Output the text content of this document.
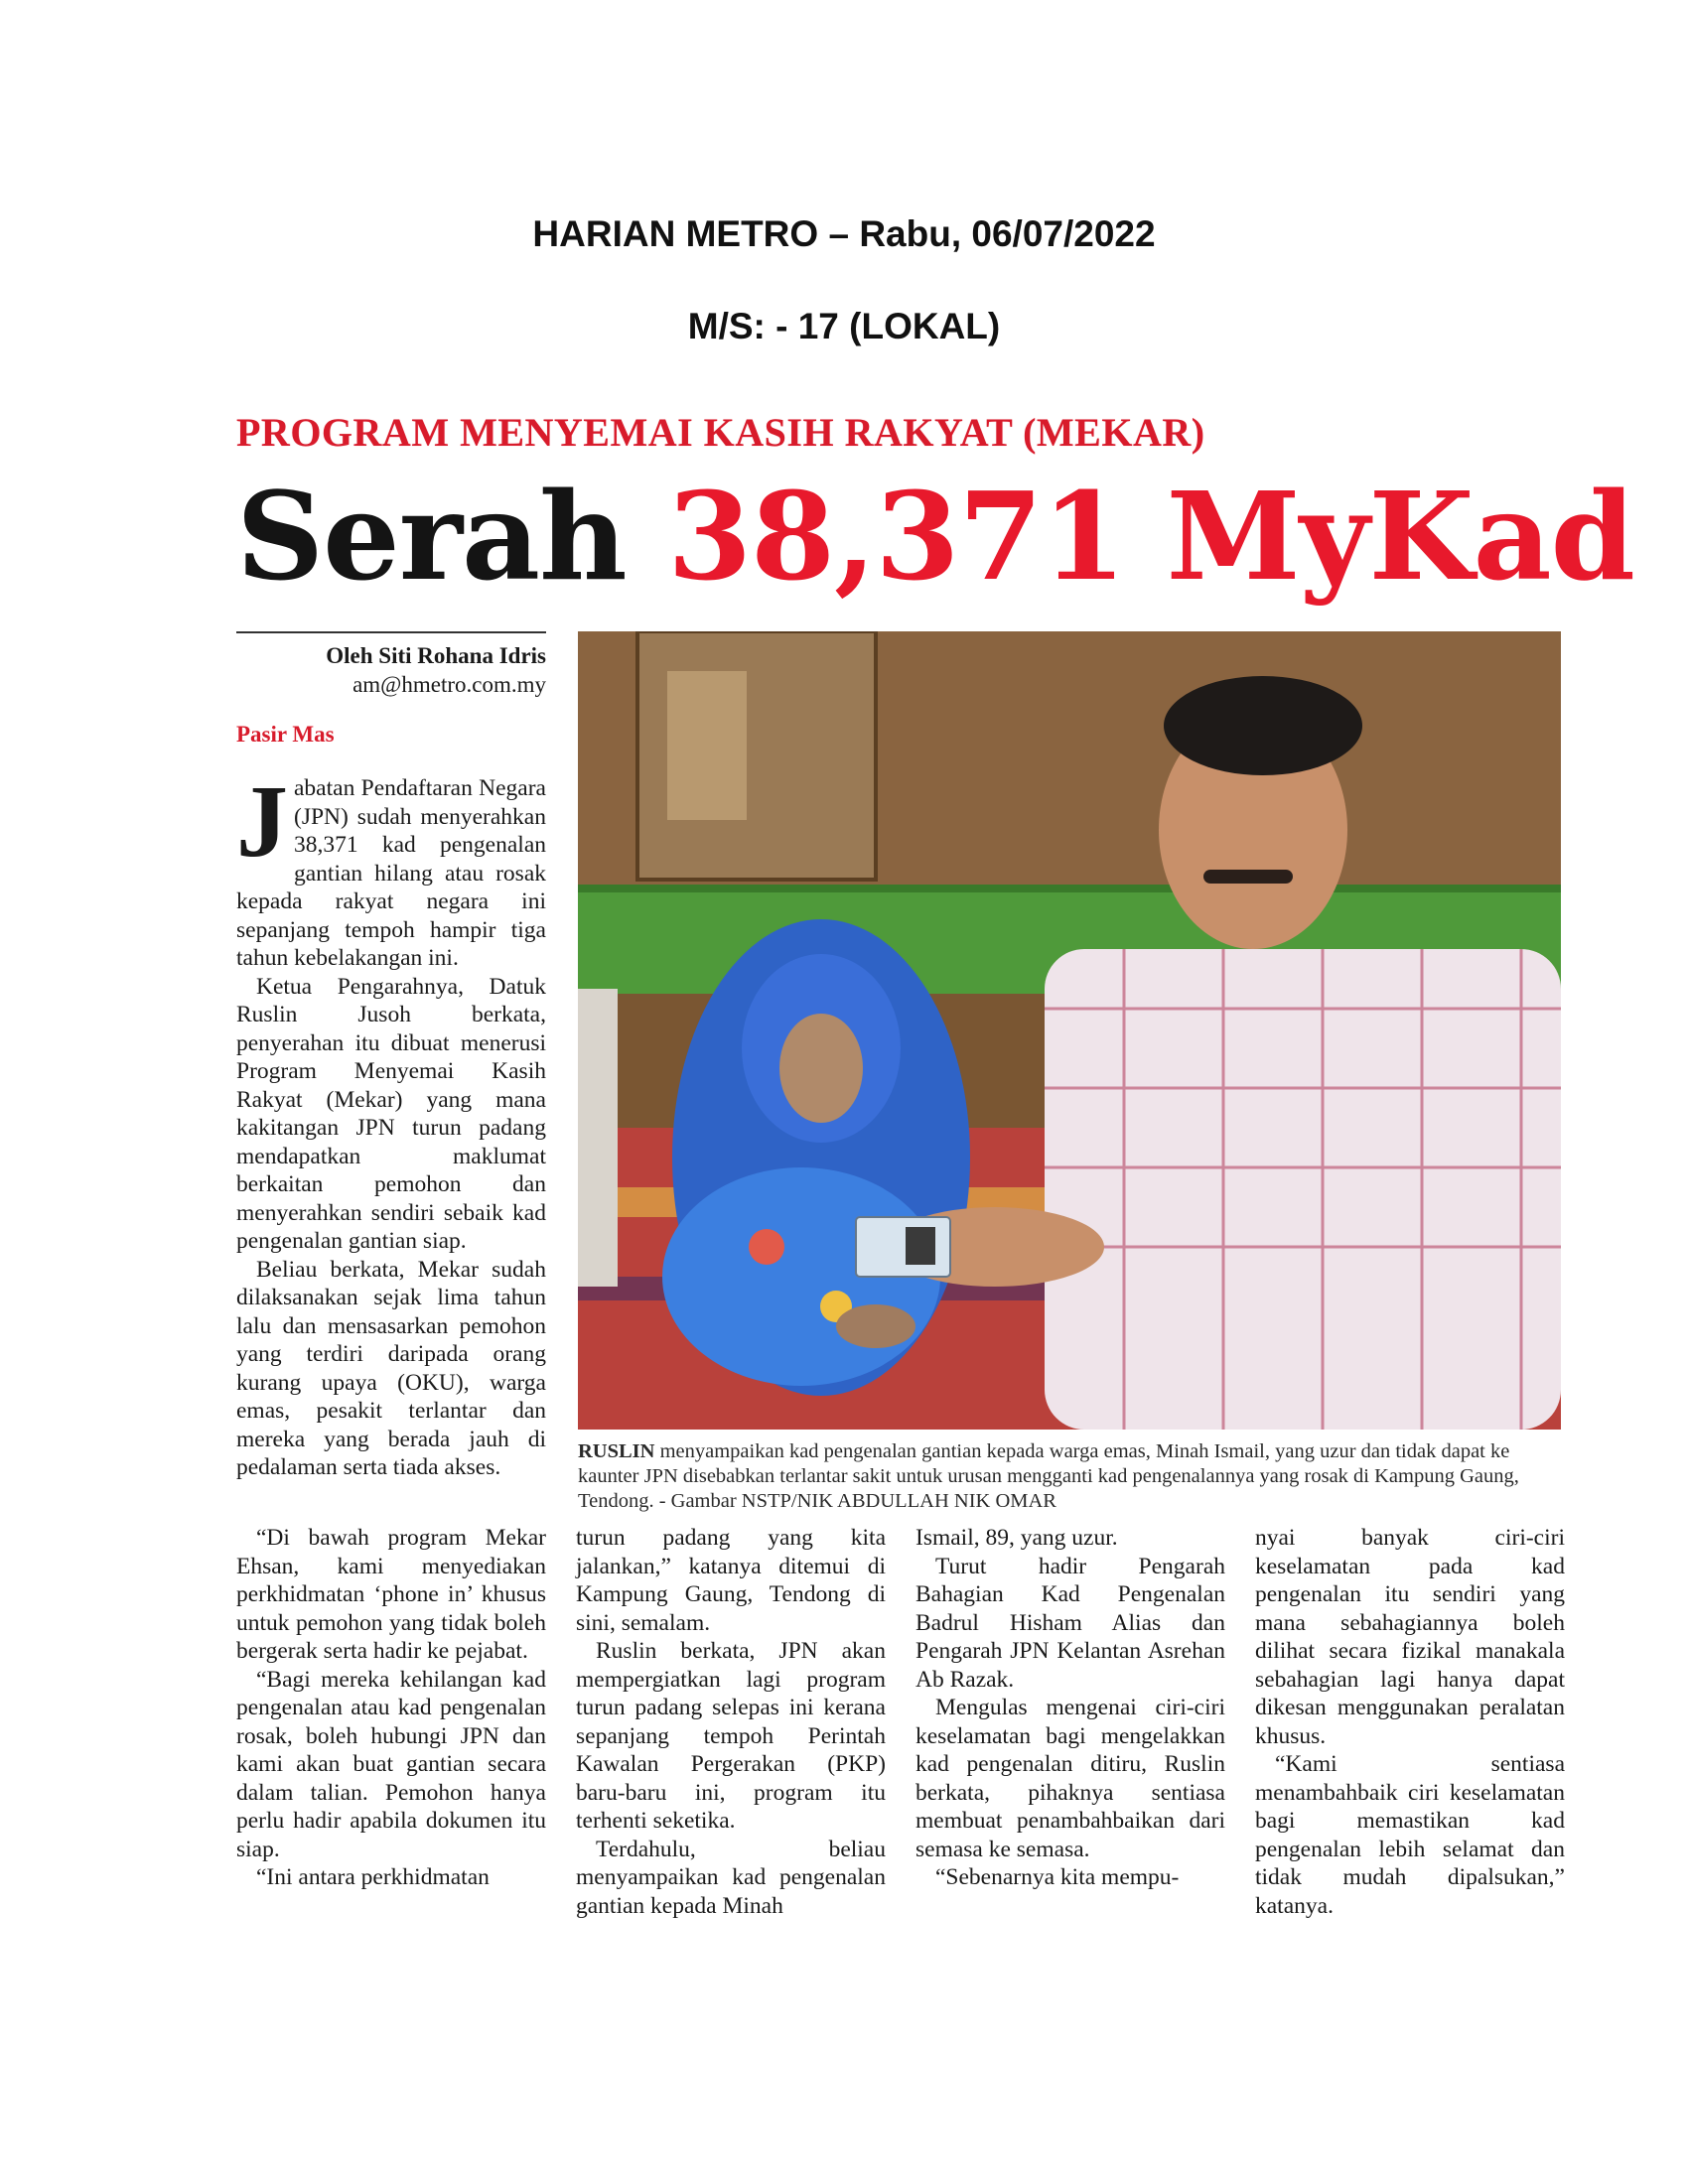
HARIAN METRO – Rabu, 06/07/2022
M/S: - 17 (LOKAL)
PROGRAM MENYEMAI KASIH RAKYAT (MEKAR)
Serah 38,371 MyKad
Oleh Siti Rohana Idris
am@hmetro.com.my
Pasir Mas

Jabatan Pendaftaran Negara (JPN) sudah menyerahkan 38,371 kad pengenalan gantian hilang atau rosak kepada rakyat negara ini sepanjang tempoh hampir tiga tahun kebelakangan ini.

Ketua Pengarahnya, Datuk Ruslin Jusoh berkata, penyerahan itu dibuat menerusi Program Menyemai Kasih Rakyat (Mekar) yang mana kakitangan JPN turun padang mendapatkan maklumat berkaitan pemohon dan menyerahkan sendiri sebaik kad pengenalan gantian siap.

Beliau berkata, Mekar sudah dilaksanakan sejak lima tahun lalu dan mensasarkan pemohon yang terdiri daripada orang kurang upaya (OKU), warga emas, pesakit terlantar dan mereka yang berada jauh di pedalaman serta tiada akses.

RUSLIN menyampaikan kad pengenalan gantian kepada warga emas, Minah Ismail, yang uzur dan tidak dapat ke kaunter JPN disebabkan terlantar sakit untuk urusan mengganti kad pengenalannya yang rosak di Kampung Gaung, Tendong. - Gambar NSTP/NIK ABDULLAH NIK OMAR

“Di bawah program Mekar Ehsan, kami menyediakan perkhidmatan ‘phone in’ khusus untuk pemohon yang tidak boleh bergerak serta hadir ke pejabat.

“Bagi mereka kehilangan kad pengenalan atau kad pengenalan rosak, boleh hubungi JPN dan kami akan buat gantian secara dalam talian. Pemohon hanya perlu hadir apabila dokumen itu siap.

“Ini antara perkhidmatan

turun padang yang kita jalankan,” katanya ditemui di Kampung Gaung, Tendong di sini, semalam.

Ruslin berkata, JPN akan mempergiatkan lagi program turun padang selepas ini kerana sepanjang tempoh Perintah Kawalan Pergerakan (PKP) baru-baru ini, program itu terhenti seketika.

Terdahulu, beliau menyampaikan kad pengenalan gantian kepada Minah

Ismail, 89, yang uzur.

Turut hadir Pengarah Bahagian Kad Pengenalan Badrul Hisham Alias dan Pengarah JPN Kelantan Asrehan Ab Razak.

Mengulas mengenai ciri-ciri keselamatan bagi mengelakkan kad pengenalan ditiru, Ruslin berkata, pihaknya sentiasa membuat penambahbaikan dari semasa ke semasa.

“Sebenarnya kita mempu-

nyai banyak ciri-ciri keselamatan pada kad pengenalan itu sendiri yang mana sebahagiannya boleh dilihat secara fizikal manakala sebahagian lagi hanya dapat dikesan menggunakan peralatan khusus.

“Kami sentiasa menambahbaik ciri keselamatan bagi memastikan kad pengenalan lebih selamat dan tidak mudah dipalsukan,” katanya.
